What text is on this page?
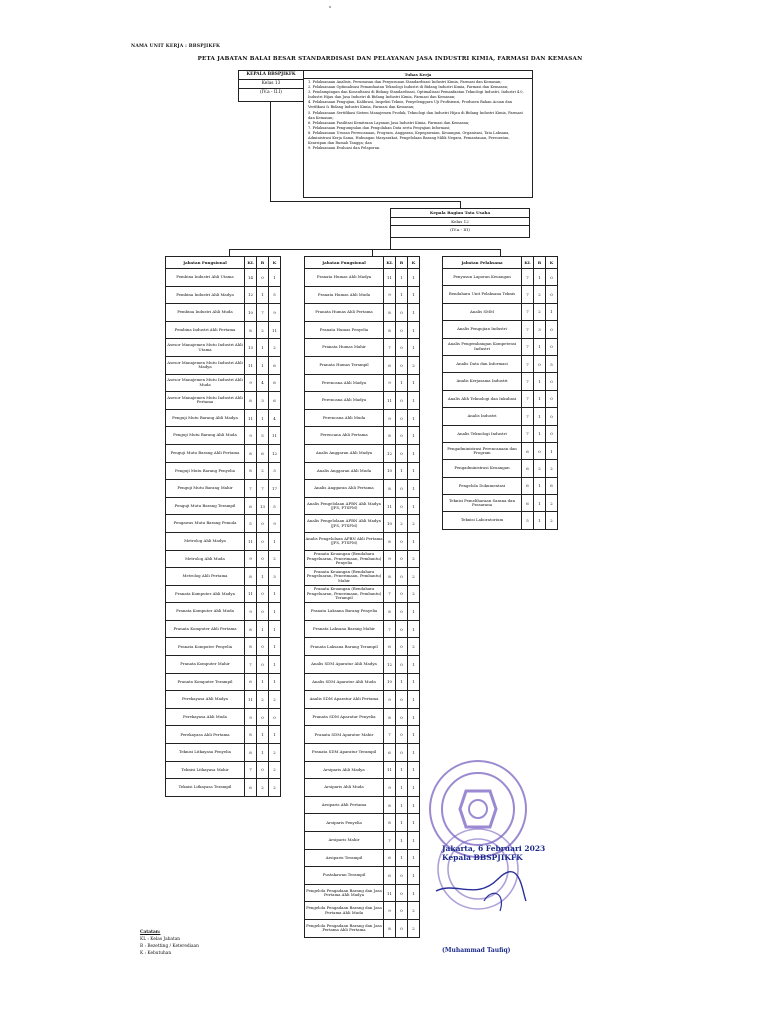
NAMA UNIT KERJA : BBSPJIKFK
PETA JABATAN BALAI BESAR STANDARDISASI DAN PELAYANAN JASA INDUSTRI KIMIA, FARMASI DAN KEMASAN
KEPALA BBSPJIKFK
Kelas 13
(IV.a - II.I)
Tuhas Kerja
1. Pelaksanaan Analisis, Perumusan dan Penyusunan Standardisasi Industri Kimia, Farmasi dan Kemasan;
2. Pelaksanaan Optimalisasi Pemanfaatan Teknologi Industri di Bidang Industri Kimia, Farmasi dan Kemasan;
3. Pendampingan dan Konsultansi di Bidang Standardisasi, Optimalisasi Pemanfaatan Teknologi Industri, Industri 4.0, Industri Hijau dan Jasa Industri di Bidang Industri Kimia, Farmasi dan Kemasan;
4. Pelaksanaan Pengujian, Kalibrasi, Inspeksi Teknis, Penyelenggara Uji Profisiensi, Produsen Bahan Acuan dan Verifikasi & Bidang Industri Kimia, Farmasi dan Kemasan;
5. Pelaksanaan Sertifikasi Sistem Manajemen Produk, Teknologi dan Industri Hijau di Bidang Industri Kimia, Farmasi dan Kemasan;
6. Pelaksanaan Fasilitasi Kemitraan Layanan Jasa Industri Kimia, Farmasi dan Kemasan;
7. Pelaksanaan Pengumpulan dan Pengolahan Data serta Penyajian Informasi;
8. Pelaksanaan Urusan Perencanaan, Program, Anggaran, Kepegawaian, Keuangan, Organisasi, Tata Laksana, Administrasi Kerja Sama, Hubungan Masyarakat, Pengelolaan Barang Milik Negara, Pemantauan, Persuratan, Kearsipan dan Rumah Tangga; dan
9. Pelaksanaan Evaluasi dan Pelaporan.
Kepala Bagian Tata Usaha
Kelas 12
(IV.a - III)
Jabatan Fungsional	KL	B	K
Pembina Industri Ahli Utama	14	0	1
Pembina Industri Ahli Madya	12	1	5
Pembina Industri Ahli Muda	10	7	9
Pembina Industri Ahli Pertama	8	2	11
Asesor Manajemen Mutu Industri Ahli Utama	13	1	2
Asesor Manajemen Mutu Industri Ahli Madya	11	1	6
Asesor Manajemen Mutu Industri Ahli Muda	9	4	6
Asesor Manajemen Mutu Industri Ahli Pertama	8	3	6
Penguji Mutu Barang Ahli Madya	11	1	4
Penguji Mutu Barang Ahli Muda	9	5	11
Penguji Mutu Barang Ahli Pertama	8	6	12
Penguji Mutu Barang Penyelia	8	2	3
Penguji Mutu Barang Mahir	7	7	17
Penguji Mutu Barang Terampil	6	13	5
Pengawas Mutu Barang Pemula	5	0	9
Metrolog Ahli Madya	11	0	1
Metrolog Ahli Muda	9	0	2
Metrolog Ahli Pertama	8	1	3
Pranata Komputer Ahli Madya	11	0	1
Pranata Komputer Ahli Muda	9	0	1
Pranata Komputer Ahli Pertama	8	1	1
Pranata Komputer Penyelia	8	0	1
Pranata Komputer Mahir	7	0	1
Pranata Komputer Terampil	6	1	1
Perekayasa Ahli Madya	11	2	2
Perekayasa Ahli Muda	9	0	0
Perekayasa Ahli Pertama	8	1	1
Teknisi Litkayasa Penyelia	8	1	2
Teknisi Litkayasa Mahir	7	0	2
Teknisi Litkayasa Terampil	6	2	2
Jabatan Fungsional	KL	B	K
Pranata Humas Ahli Madya	11	1	1
Pranata Humas Ahli Muda	9	1	1
Pranata Humas Ahli Pertama	8	0	1
Pranata Humas Penyelia	8	0	1
Pranata Humas Mahir	7	0	1
Pranata Humas Terampil	6	0	2
Perencana Ahli Madya	9	1	1
Perencana Ahli Madya	11	0	1
Perencana Ahli Muda	9	0	1
Perencana Ahli Pertama	8	0	1
Analis Anggaran Ahli Madya	12	0	1
Analis Anggaran Ahli Muda	10	1	1
Analis Anggaran Ahli Pertama	8	0	1
Analis Pengelolaan APBN Ahli Madya (JFS, PTSPM)	11	0	1
Analis Pengelolaan APBN Ahli Madya (JFS, PTSPM)	10	2	2
Analis Pengelolaan APBN Ahli Pertama (JFS, PTSPM)	8	0	1
Pranata Keuangan (Bendahara Pengeluaran, Penerimaan, Pembantu) Penyelia	9	0	2
Pranata Keuangan (Bendahara Pengeluaran, Penerimaan, Pembantu) Mahir	8	0	2
Pranata Keuangan (Bendahara Pengeluaran, Penerimaan, Pembantu) Terampil	7	0	2
Pranata Laksana Barang Penyelia	8	0	1
Pranata Laksana Barang Mahir	7	0	1
Pranata Laksana Barang Terampil	6	0	2
Analis SDM Aparatur Ahli Madya	12	0	1
Analis SDM Aparatur Ahli Muda	10	1	1
Analis SDM Aparatur Ahli Pertama	9	0	1
Pranata SDM Aparatur Penyelia	8	0	1
Pranata SDM Aparatur Mahir	7	0	1
Pranata SDM Aparatur Terampil	6	0	1
Arsiparis Ahli Madya	11	1	1
Arsiparis Ahli Muda	9	1	1
Arsiparis Ahli Pertama	8	1	1
Arsiparis Penyelia	8	1	1
Arsiparis Mahir	7	1	1
Arsiparis Terampil	6	1	1
Pustakawan Terampil	6	0	1
Pengelola Pengadaan Barang dan Jasa Pertama Ahli Madya	11	0	1
Pengelola Pengadaan Barang dan Jasa Pertama Ahli Muda	9	0	2
Pengelola Pengadaan Barang dan Jasa Pertama Ahli Pertama	8	0	2
Jabatan Pelaksana	KL	B	K
Penyusun Laporan Keuangan	7	1	0
Bendahara Unit Pelaksana Teknis	7	2	0
Analis SMM	7	2	1
Analis Pengujian Industri	7	3	0
Analis Pengembangan Kompetensi Industri	7	1	0
Analis Data dan Informasi	7	0	5
Analis Kerjasama Industri	7	1	0
Analis Alih Teknologi dan Inkubasi	7	1	0
Analis Industri	7	1	0
Analis Teknologi Industri	7	1	0
Pengadministrasi Perencanaan dan Program	6	0	1
Pengadministrasi Keuangan	6	2	2
Pengelola Dokumentasi	6	1	6
Teknisi Pemeliharaan Sarana dan Prasarana	6	1	2
Teknisi Laboratorium	5	1	2
Jakarta, 6 Februari 2023
Kepala BBSPJIKFK
(Muhammad Taufiq)
Catatan:
KL : Kelas Jabatan
B : Bezetting / Keterediaan
K : Kebutuhan
